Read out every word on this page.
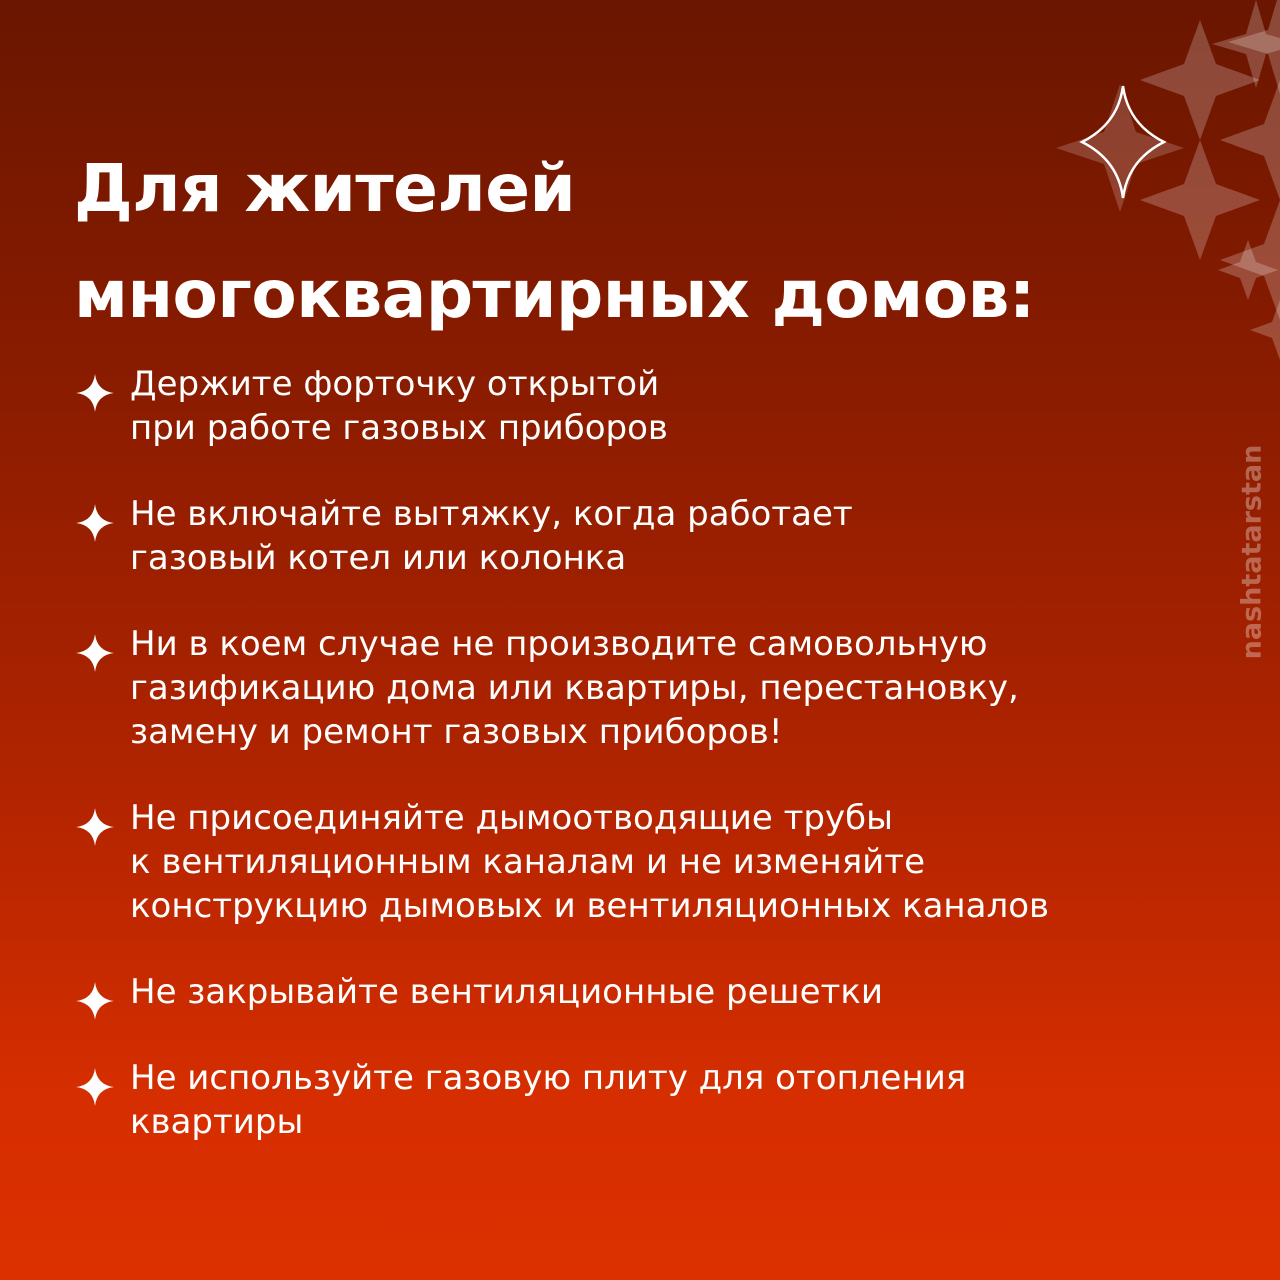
Для жителей
многоквартирных домов:
Держите форточку открытой
при работе газовых приборов
Не включайте вытяжку, когда работает
газовый котел или колонка
Ни в коем случае не производите самовольную
газификацию дома или квартиры, перестановку,
замену и ремонт газовых приборов!
Не присоединяйте дымоотводящие трубы
к вентиляционным каналам и не изменяйте
конструкцию дымовых и вентиляционных каналов
Не закрывайте вентиляционные решетки
Не используйте газовую плиту для отопления
квартиры
nashtatarstan
